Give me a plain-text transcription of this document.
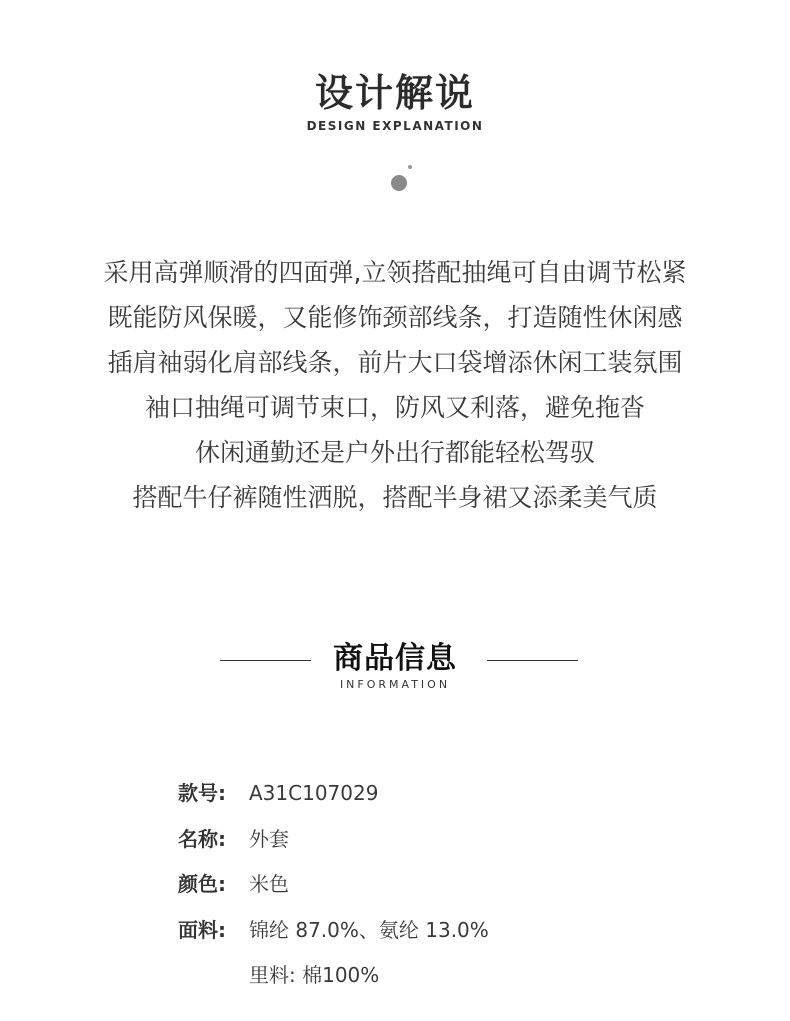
设计解说
DESIGN EXPLANATION
采用高弹顺滑的四面弹,立领搭配抽绳可自由调节松紧
既能防风保暖，又能修饰颈部线条，打造随性休闲感
插肩袖弱化肩部线条，前片大口袋增添休闲工装氛围
袖口抽绳可调节束口，防风又利落，避免拖沓
休闲通勤还是户外出行都能轻松驾驭
搭配牛仔裤随性洒脱，搭配半身裙又添柔美气质
商品信息
INFORMATION
款号:	A31C107029
名称:	外套
颜色:	米色
面料:	锦纶 87.0%、氨纶 13.0%
里料: 棉100%
